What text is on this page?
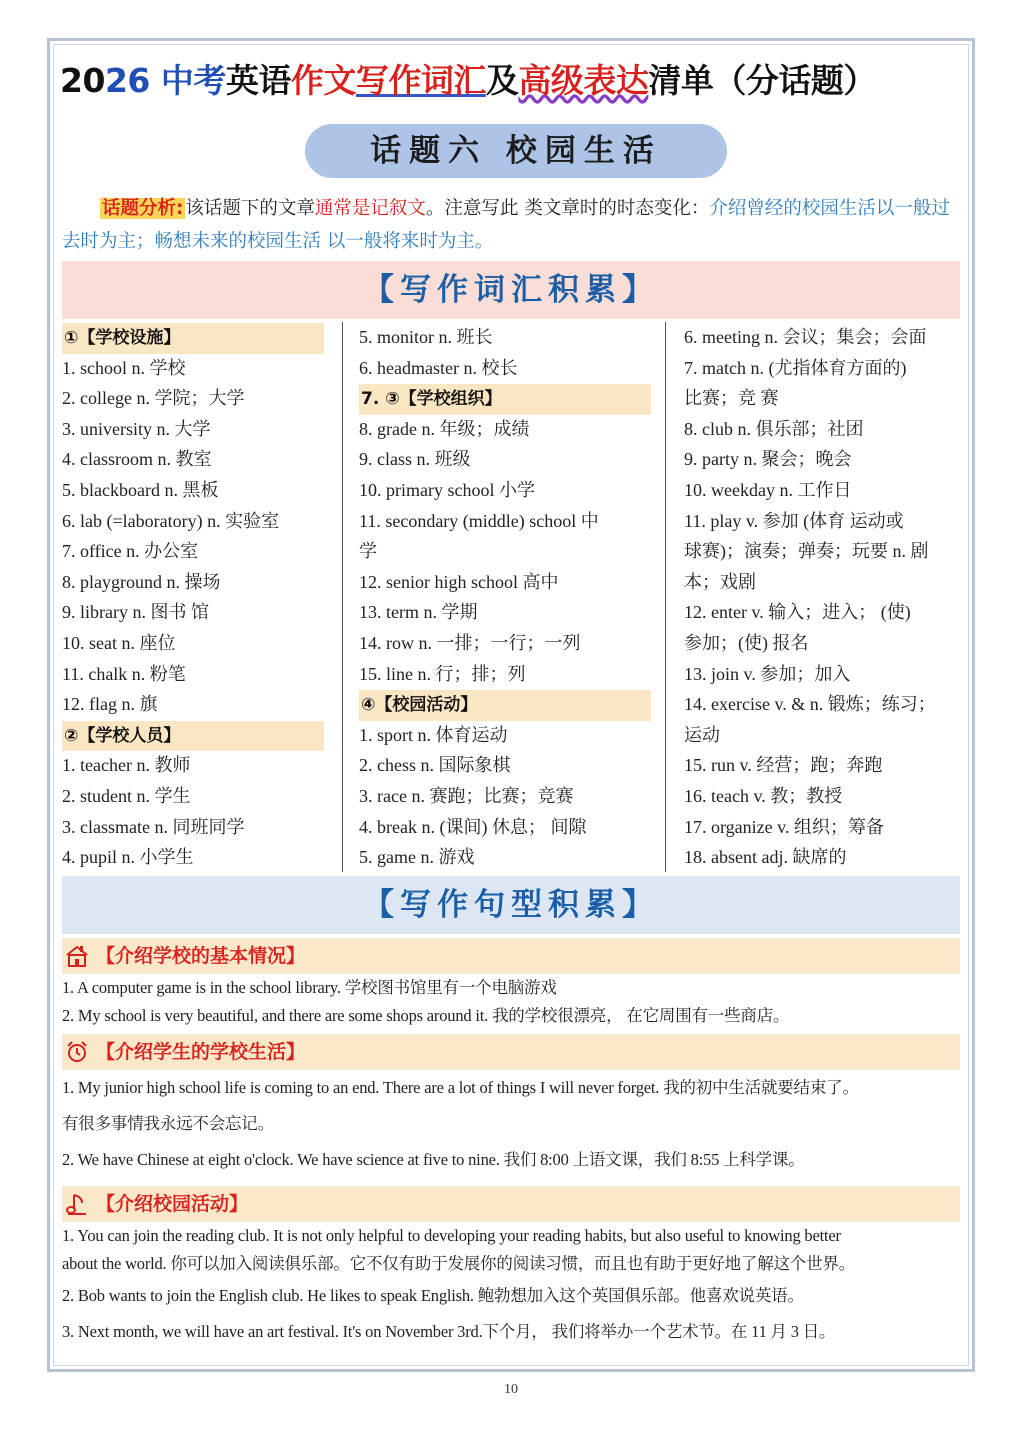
2026 中考英语作文写作词汇及高级表达清单（分话题）
话题六 校园生活
话题分析: 该话题下的文章通常是记叙文。注意写此 类文章时的时态变化：介绍曾经的校园生活以一般过去时为主；畅想未来的校园生活 以一般将来时为主。
【写作词汇积累】
①【学校设施】
1. school n. 学校
2. college n. 学院；大学
3. university n. 大学
4. classroom n. 教室
5. blackboard n. 黑板
6. lab (=laboratory) n. 实验室
7. office n. 办公室
8. playground n. 操场
9. library n. 图书 馆
10. seat n. 座位
11. chalk n. 粉笔
12. flag n. 旗
②【学校人员】
1. teacher n. 教师
2. student n. 学生
3. classmate n. 同班同学
4. pupil n. 小学生
5. monitor n. 班长
6. headmaster n. 校长
7. ③【学校组织】
8. grade n. 年级；成绩
9. class n. 班级
10. primary school 小学
11. secondary (middle) school 中
学
12. senior high school 高中
13. term n. 学期
14. row n. 一排；一行；一列
15. line n. 行；排；列
④【校园活动】
1. sport n. 体育运动
2. chess n. 国际象棋
3. race n. 赛跑；比赛；竞赛
4. break n. (课间) 休息； 间隙
5. game n. 游戏
6. meeting n. 会议；集会；会面
7. match n. (尤指体育方面的)
比赛；竞 赛
8. club n. 俱乐部；社团
9. party n. 聚会；晚会
10. weekday n. 工作日
11. play v. 参加 (体育 运动或
球赛)；演奏；弹奏；玩要 n. 剧
本；戏剧
12. enter v. 输入；进入； (使)
参加；(使) 报名
13. join v. 参加；加入
14. exercise v. & n. 锻炼；练习；
运动
15. run v. 经营；跑；奔跑
16. teach v. 教；教授
17. organize v. 组织；筹备
18. absent adj. 缺席的
【写作句型积累】
【介绍学校的基本情况】
1. A computer game is in the school library. 学校图书馆里有一个电脑游戏
2. My school is very beautiful, and there are some shops around it. 我的学校很漂亮， 在它周围有一些商店。
【介绍学生的学校生活】
1. My junior high school life is coming to an end. There are a lot of things I will never forget. 我的初中生活就要结束了。
有很多事情我永远不会忘记。
2. We have Chinese at eight o'clock. We have science at five to nine. 我们 8:00 上语文课，我们 8:55 上科学课。
【介绍校园活动】
1. You can join the reading club. It is not only helpful to developing your reading habits, but also useful to knowing better
about the world. 你可以加入阅读俱乐部。它不仅有助于发展你的阅读习惯，而且也有助于更好地了解这个世界。
2. Bob wants to join the English club. He likes to speak English. 鲍勃想加入这个英国俱乐部。他喜欢说英语。
3. Next month, we will have an art festival. It's on November 3rd.下个月， 我们将举办一个艺术节。在 11 月 3 日。
10
